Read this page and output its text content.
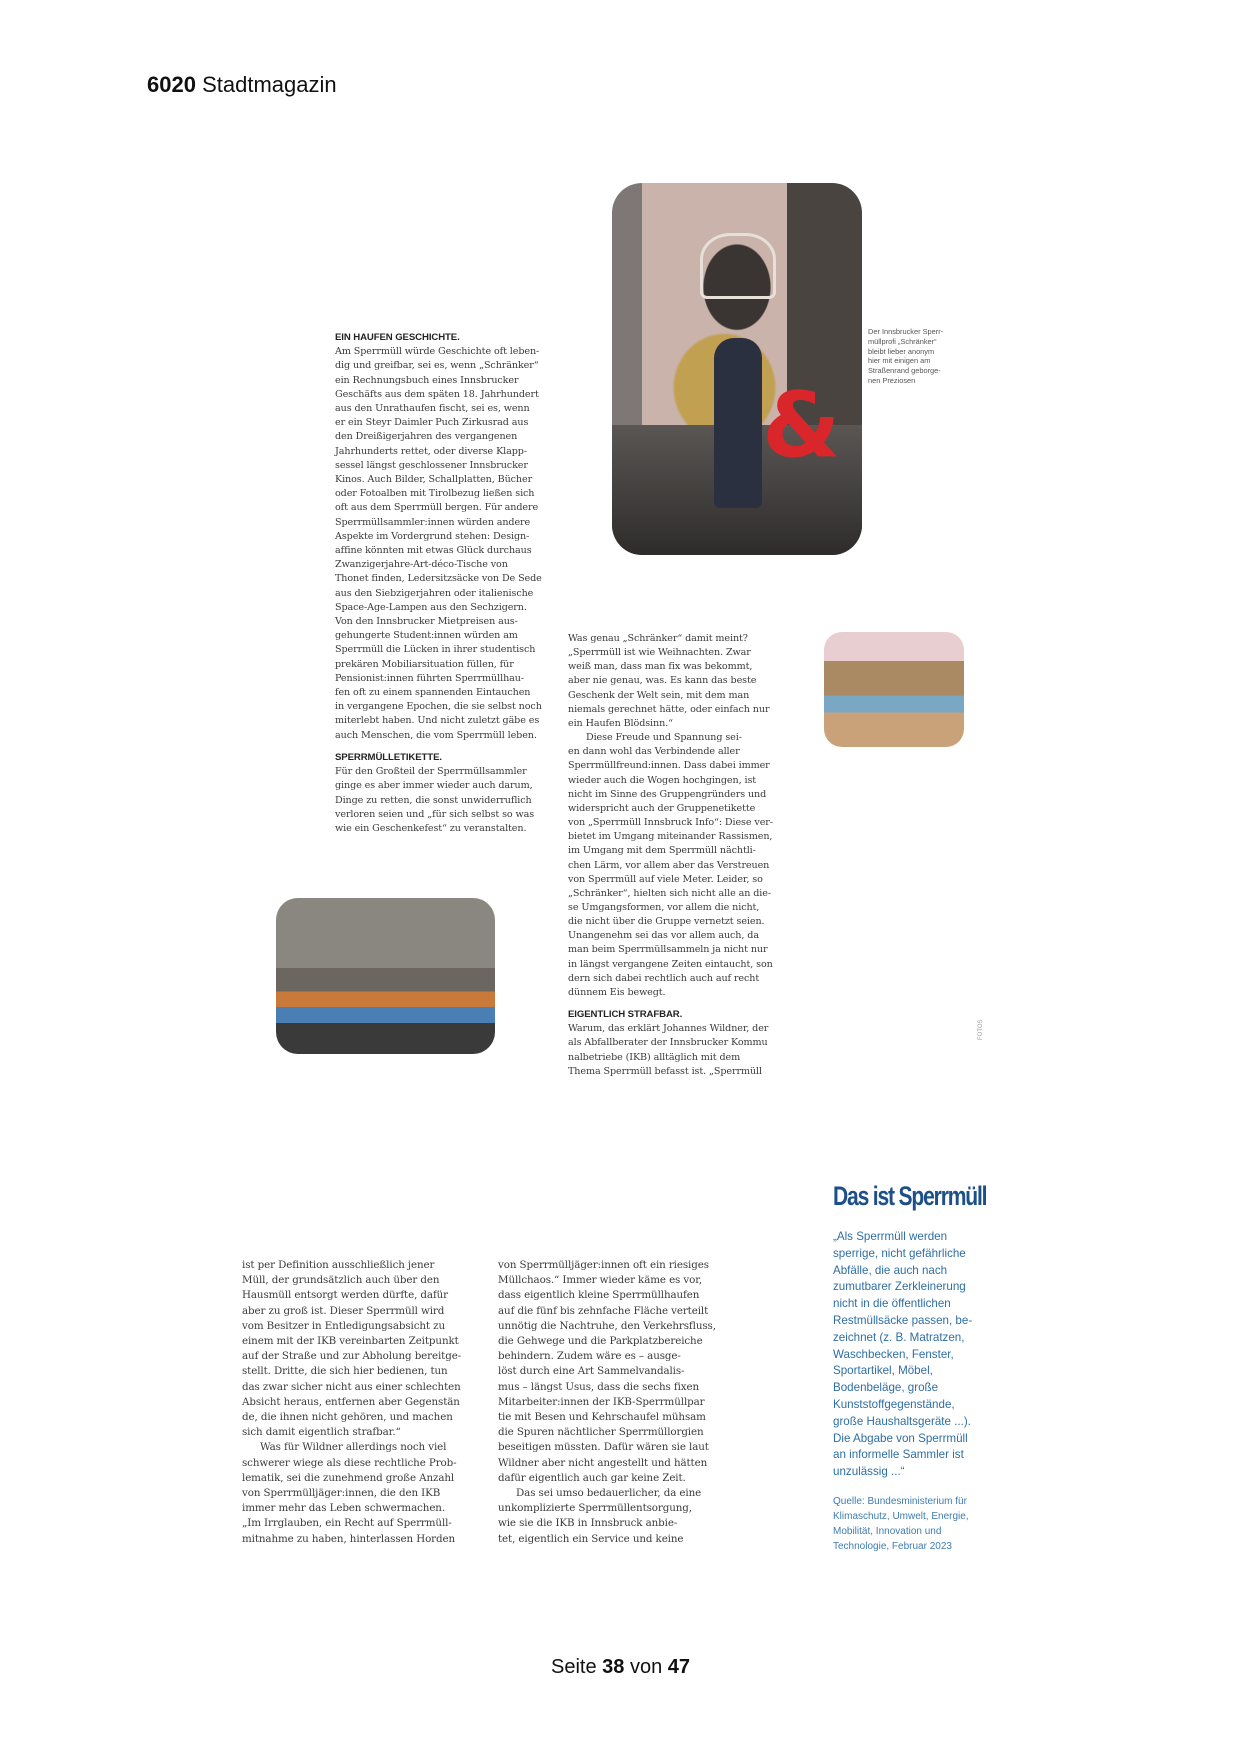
6020 Stadtmagazin
&
Der Innsbrucker Sperr-
müllprofi „Schränker“
bleibt lieber anonym
hier mit einigen am
Straßenrand geborge-
nen Preziosen
FOTOS
EIN HAUFEN GESCHICHTE.
Am Sperrmüll würde Geschichte oft leben-
dig und greifbar, sei es, wenn „Schränker“
ein Rechnungsbuch eines Innsbrucker
Geschäfts aus dem späten 18. Jahrhundert
aus den Unrathaufen fischt, sei es, wenn
er ein Steyr Daimler Puch Zirkusrad aus
den Dreißigerjahren des vergangenen
Jahrhunderts rettet, oder diverse Klapp-
sessel längst geschlossener Innsbrucker
Kinos. Auch Bilder, Schallplatten, Bücher
oder Fotoalben mit Tirolbezug ließen sich
oft aus dem Sperrmüll bergen. Für andere
Sperrmüllsammler:innen würden andere
Aspekte im Vordergrund stehen: Design-
affine könnten mit etwas Glück durchaus
Zwanzigerjahre-Art-déco-Tische von
Thonet finden, Ledersitzsäcke von De Sede
aus den Siebzigerjahren oder italienische
Space-Age-Lampen aus den Sechzigern.
Von den Innsbrucker Mietpreisen aus-
gehungerte Student:innen würden am
Sperrmüll die Lücken in ihrer studentisch
prekären Mobiliarsituation füllen, für
Pensionist:innen führten Sperrmüllhau-
fen oft zu einem spannenden Eintauchen
in vergangene Epochen, die sie selbst noch
miterlebt haben. Und nicht zuletzt gäbe es
auch Menschen, die vom Sperrmüll leben.
SPERRMÜLLETIKETTE.
Für den Großteil der Sperrmüllsammler
ginge es aber immer wieder auch darum,
Dinge zu retten, die sonst unwiderruflich
verloren seien und „für sich selbst so was
wie ein Geschenkefest“ zu veranstalten.
Was genau „Schränker“ damit meint?
„Sperrmüll ist wie Weihnachten. Zwar
weiß man, dass man fix was bekommt,
aber nie genau, was. Es kann das beste
Geschenk der Welt sein, mit dem man
niemals gerechnet hätte, oder einfach nur
ein Haufen Blödsinn.“
Diese Freude und Spannung sei-
en dann wohl das Verbindende aller
Sperrmüllfreund:innen. Dass dabei immer
wieder auch die Wogen hochgingen, ist
nicht im Sinne des Gruppengründers und
widerspricht auch der Gruppenetikette
von „Sperrmüll Innsbruck Info“: Diese ver-
bietet im Umgang miteinander Rassismen,
im Umgang mit dem Sperrmüll nächtli-
chen Lärm, vor allem aber das Verstreuen
von Sperrmüll auf viele Meter. Leider, so
„Schränker“, hielten sich nicht alle an die-
se Umgangsformen, vor allem die nicht,
die nicht über die Gruppe vernetzt seien.
Unangenehm sei das vor allem auch, da
man beim Sperrmüllsammeln ja nicht nur
in längst vergangene Zeiten eintaucht, son
dern sich dabei rechtlich auch auf recht
dünnem Eis bewegt.
EIGENTLICH STRAFBAR.
Warum, das erklärt Johannes Wildner, der
als Abfallberater der Innsbrucker Kommu
nalbetriebe (IKB) alltäglich mit dem
Thema Sperrmüll befasst ist. „Sperrmüll
ist per Definition ausschließlich jener
Müll, der grundsätzlich auch über den
Hausmüll entsorgt werden dürfte, dafür
aber zu groß ist. Dieser Sperrmüll wird
vom Besitzer in Entledigungsabsicht zu
einem mit der IKB vereinbarten Zeitpunkt
auf der Straße und zur Abholung bereitge-
stellt. Dritte, die sich hier bedienen, tun
das zwar sicher nicht aus einer schlechten
Absicht heraus, entfernen aber Gegenstän
de, die ihnen nicht gehören, und machen
sich damit eigentlich strafbar.“
Was für Wildner allerdings noch viel
schwerer wiege als diese rechtliche Prob-
lematik, sei die zunehmend große Anzahl
von Sperrmülljäger:innen, die den IKB
immer mehr das Leben schwermachen.
„Im Irrglauben, ein Recht auf Sperrmüll-
mitnahme zu haben, hinterlassen Horden
von Sperrmülljäger:innen oft ein riesiges
Müllchaos.“ Immer wieder käme es vor,
dass eigentlich kleine Sperrmüllhaufen
auf die fünf bis zehnfache Fläche verteilt
unnötig die Nachtruhe, den Verkehrsfluss,
die Gehwege und die Parkplatzbereiche
behindern. Zudem wäre es – ausge-
löst durch eine Art Sammelvandalis-
mus – längst Usus, dass die sechs fixen
Mitarbeiter:innen der IKB-Sperrmüllpar
tie mit Besen und Kehrschaufel mühsam
die Spuren nächtlicher Sperrmüllorgien
beseitigen müssten. Dafür wären sie laut
Wildner aber nicht angestellt und hätten
dafür eigentlich auch gar keine Zeit.
Das sei umso bedauerlicher, da eine
unkomplizierte Sperrmüllentsorgung,
wie sie die IKB in Innsbruck anbie-
tet, eigentlich ein Service und keine
Das ist Sperrmüll
„Als Sperrmüll werden
sperrige, nicht gefährliche
Abfälle, die auch nach
zumutbarer Zerkleinerung
nicht in die öffentlichen
Restmüllsäcke passen, be-
zeichnet (z. B. Matratzen,
Waschbecken, Fenster,
Sportartikel, Möbel,
Bodenbeläge, große
Kunststoffgegenstände,
große Haushaltsgeräte ...).
Die Abgabe von Sperrmüll
an informelle Sammler ist
unzulässig ...“
Quelle: Bundesministerium für
Klimaschutz, Umwelt, Energie,
Mobilität, Innovation und
Technologie, Februar 2023
Seite 38 von 47
